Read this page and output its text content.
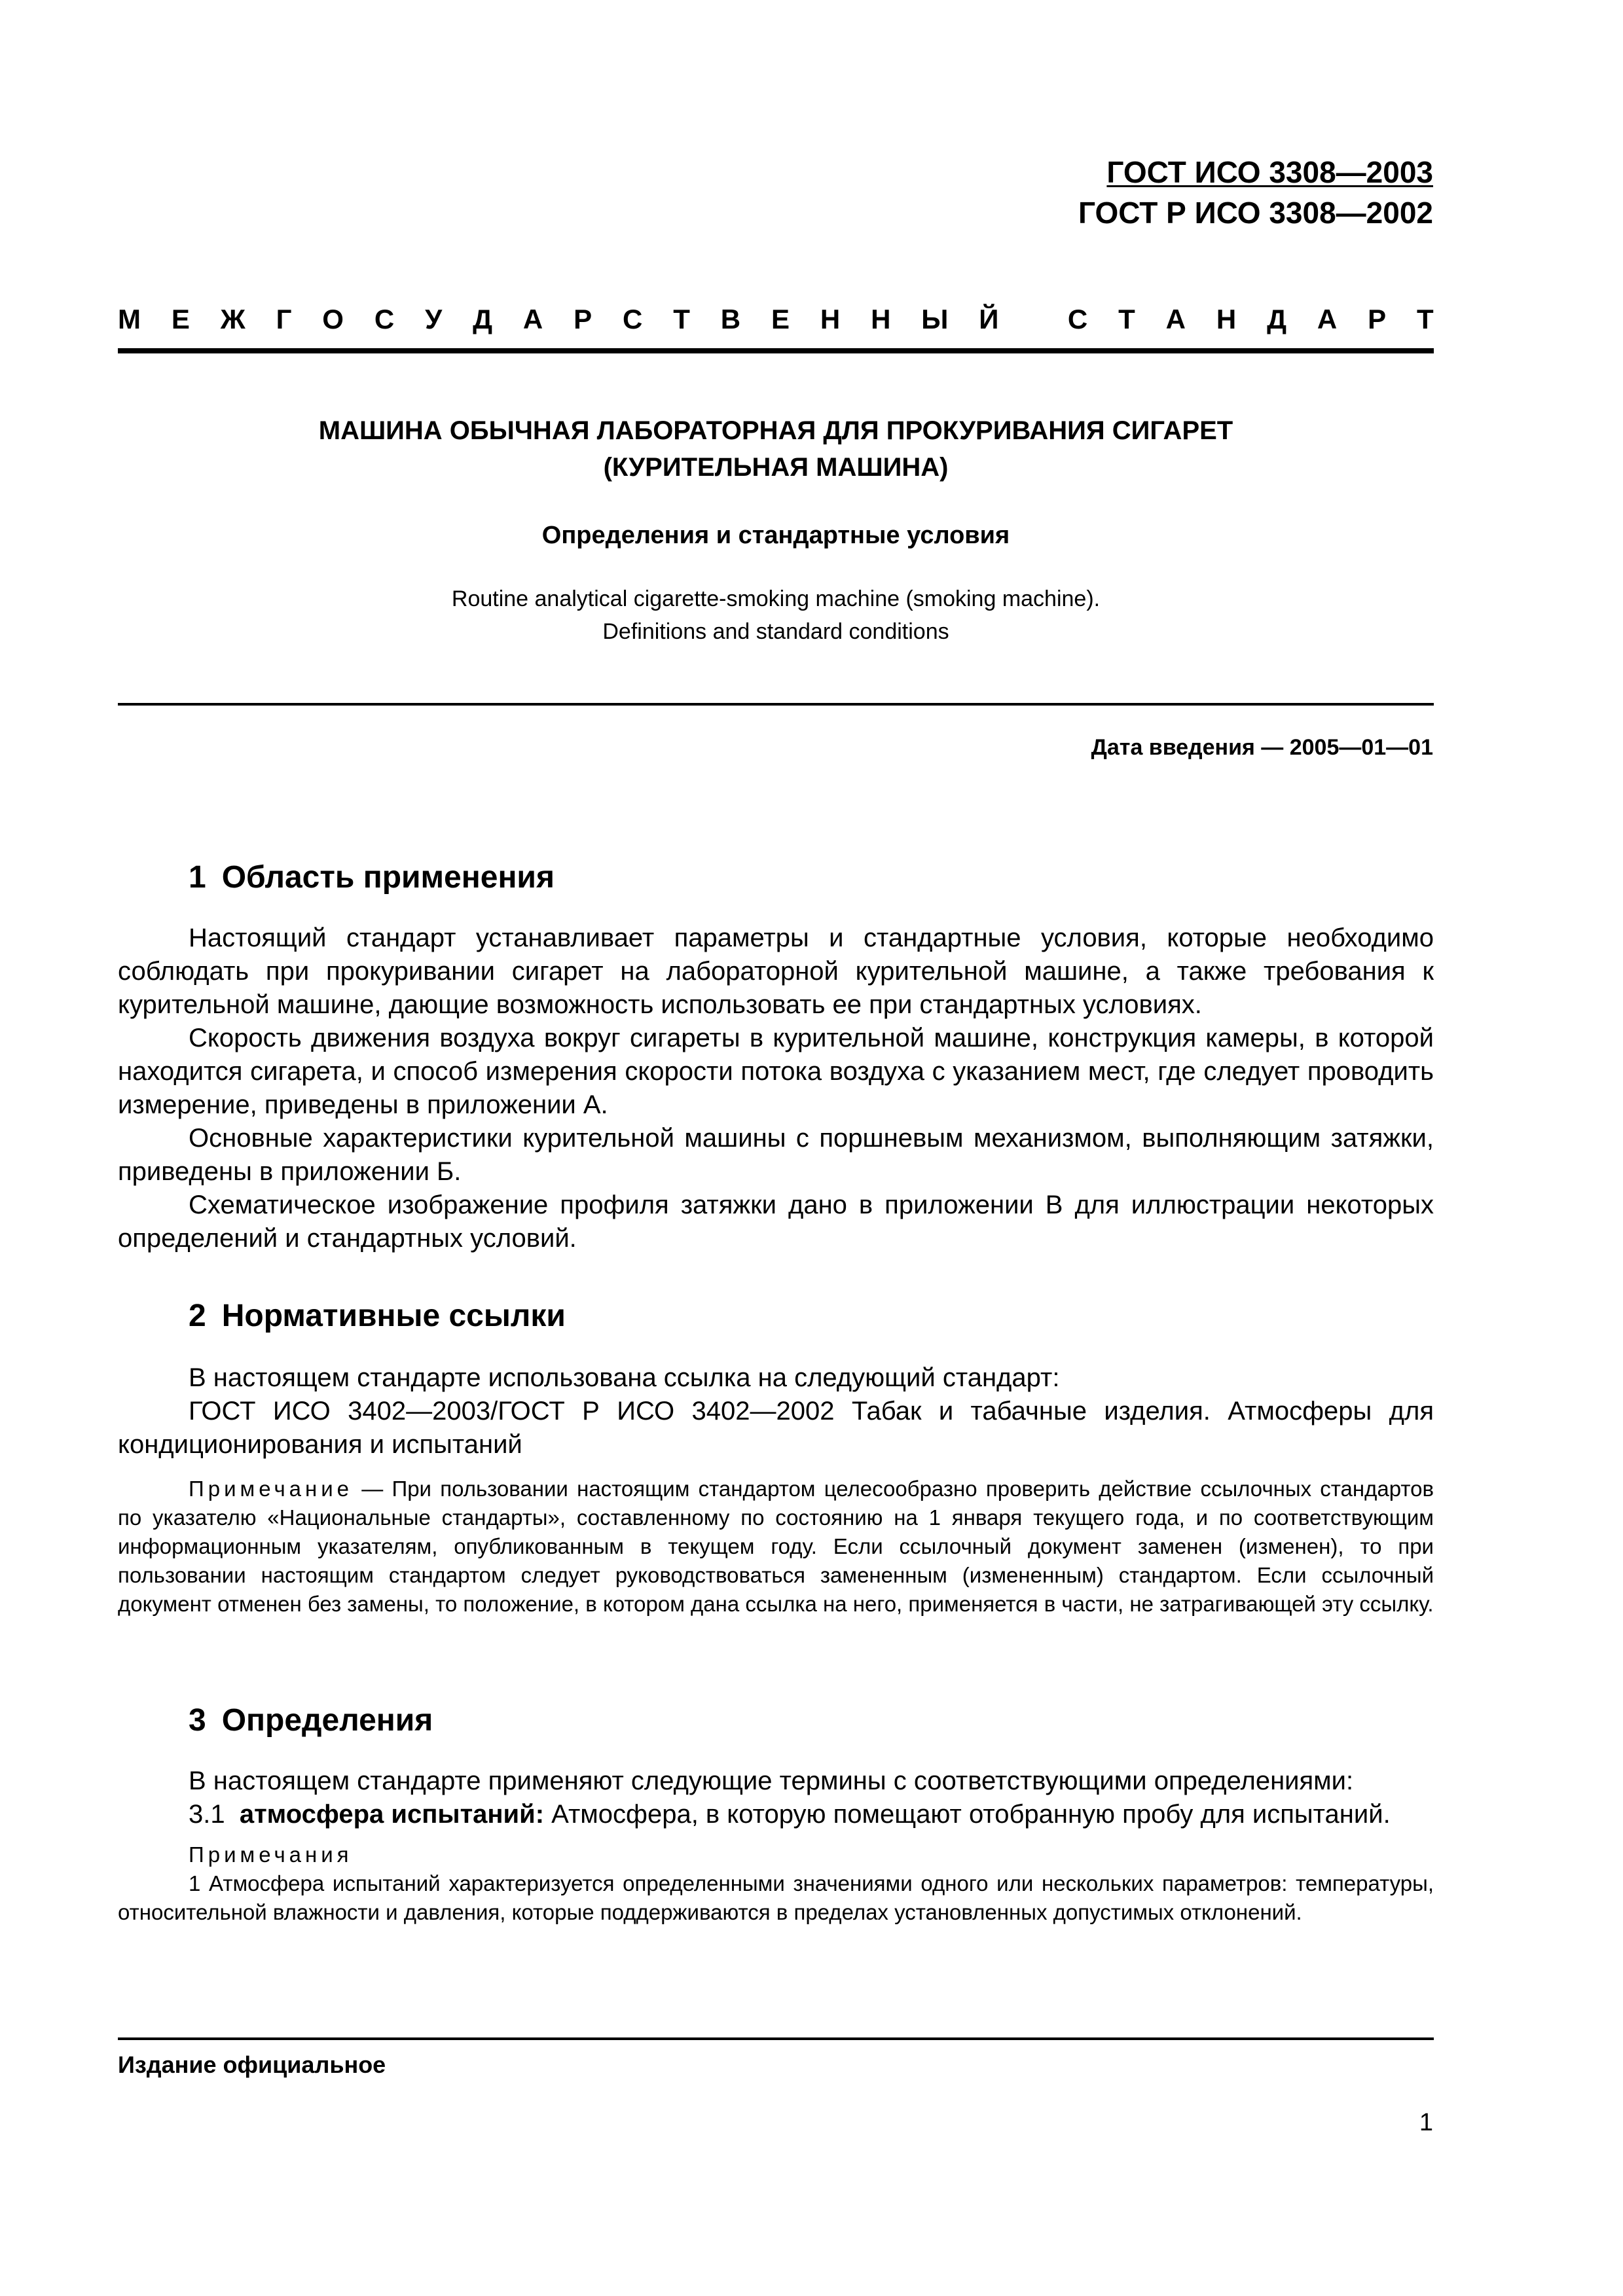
ГОСТ ИСО 3308—2003
ГОСТ Р ИСО 3308—2002
М Е Ж Г О С У Д А Р С Т В Е Н Н Ы Й
	С Т А Н Д А Р Т
МАШИНА ОБЫЧНАЯ ЛАБОРАТОРНАЯ ДЛЯ ПРОКУРИВАНИЯ СИГАРЕТ
(КУРИТЕЛЬНАЯ МАШИНА)
Определения и стандартные условия
Routine analytical cigarette-smoking machine (smoking machine).
Definitions and standard conditions
Дата введения — 2005—01—01
1 Область применения

Настоящий стандарт устанавливает параметры и стандартные условия, которые необходимо соблюдать при прокуривании сигарет на лабораторной курительной машине, а также требования к курительной машине, дающие возможность использовать ее при стандартных условиях.

Скорость движения воздуха вокруг сигареты в курительной машине, конструкция камеры, в которой находится сигарета, и способ измерения скорости потока воздуха с указанием мест, где следует проводить измерение, приведены в приложении А.

Основные характеристики курительной машины с поршневым механизмом, выполняющим затяжки, приведены в приложении Б.

Схематическое изображение профиля затяжки дано в приложении В для иллюстрации некоторых определений и стандартных условий.

2 Нормативные ссылки

В настоящем стандарте использована ссылка на следующий стандарт:

ГОСТ ИСО 3402—2003/ГОСТ Р ИСО 3402—2002 Табак и табачные изделия. Атмосферы для кондиционирования и испытаний

Примечание — При пользовании настоящим стандартом целесообразно проверить действие ссылочных стандартов по указателю «Национальные стандарты», составленному по состоянию на 1 января текущего года, и по соответствующим информационным указателям, опубликованным в текущем году. Если ссылочный документ заменен (изменен), то при пользовании настоящим стандартом следует руководствоваться замененным (измененным) стандартом. Если ссылочный документ отменен без замены, то положение, в котором дана ссылка на него, применяется в части, не затрагивающей эту ссылку.

3 Определения

В настоящем стандарте применяют следующие термины с соответствующими определениями:

3.1 атмосфера испытаний: Атмосфера, в которую помещают отобранную пробу для испытаний.

Примечания

1 Атмосфера испытаний характеризуется определенными значениями одного или нескольких параметров: температуры, относительной влажности и давления, которые поддерживаются в пределах установленных допустимых отклонений.

Издание официальное
1
